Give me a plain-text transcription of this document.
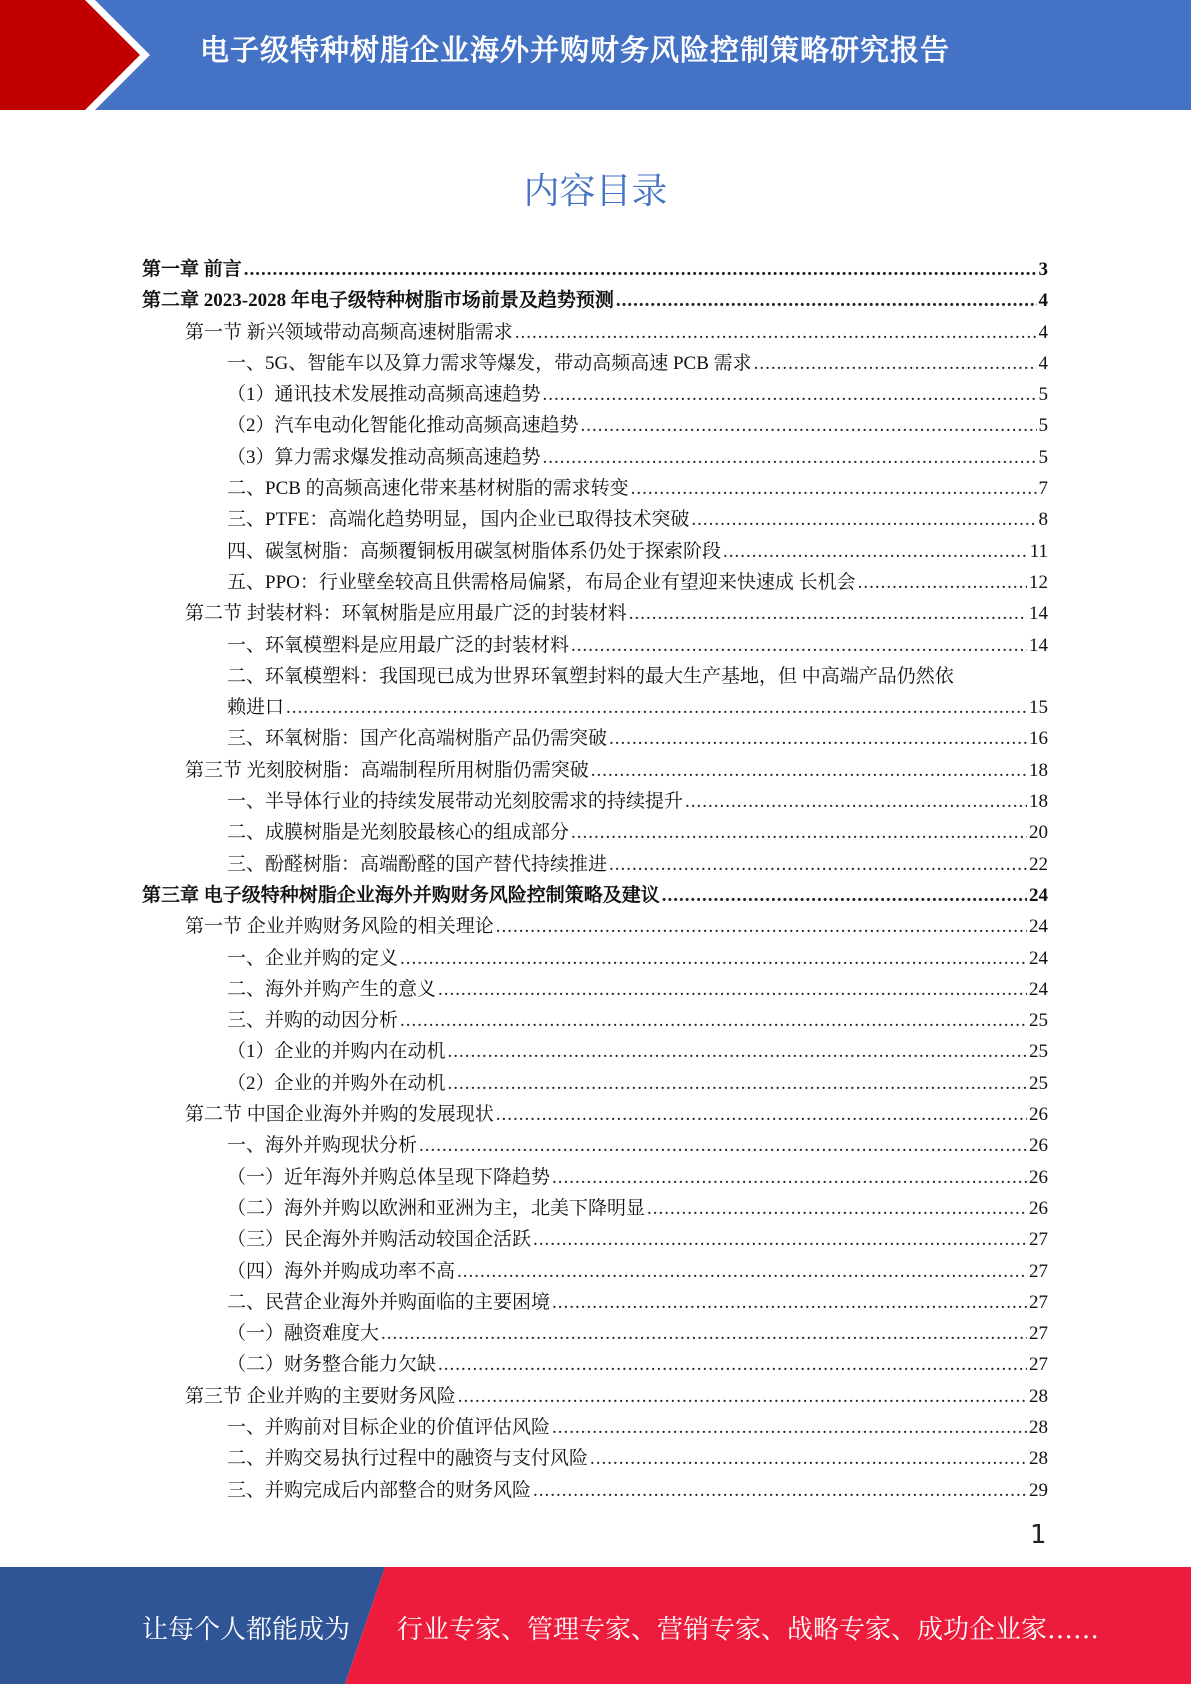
电子级特种树脂企业海外并购财务风险控制策略研究报告
内容目录
第一章 前言 .....	3
第二章 2023-2028 年电子级特种树脂市场前景及趋势预测 .....	4
第一节 新兴领域带动高频高速树脂需求 .....	4
一、5G、智能车以及算力需求等爆发，带动高频高速 PCB 需求 .....	4
（1）通讯技术发展推动高频高速趋势 .....	5
（2）汽车电动化智能化推动高频高速趋势 .....	5
（3）算力需求爆发推动高频高速趋势 .....	5
二、PCB 的高频高速化带来基材树脂的需求转变 .....	7
三、PTFE：高端化趋势明显，国内企业已取得技术突破 .....	8
四、碳氢树脂：高频覆铜板用碳氢树脂体系仍处于探索阶段 .....	11
五、PPO：行业壁垒较高且供需格局偏紧，布局企业有望迎来快速成 长机会 .....	12
第二节 封装材料：环氧树脂是应用最广泛的封装材料 .....	14
一、环氧模塑料是应用最广泛的封装材料 .....	14
二、环氧模塑料：我国现已成为世界环氧塑封料的最大生产基地，但 中高端产品仍然依
赖进口 .....	15
三、环氧树脂：国产化高端树脂产品仍需突破 .....	16
第三节 光刻胶树脂：高端制程所用树脂仍需突破 .....	18
一、半导体行业的持续发展带动光刻胶需求的持续提升 .....	18
二、成膜树脂是光刻胶最核心的组成部分 .....	20
三、酚醛树脂：高端酚醛的国产替代持续推进 .....	22
第三章 电子级特种树脂企业海外并购财务风险控制策略及建议 .....	24
第一节 企业并购财务风险的相关理论 .....	24
一、企业并购的定义 .....	24
二、海外并购产生的意义 .....	24
三、并购的动因分析 .....	25
（1）企业的并购内在动机 .....	25
（2）企业的并购外在动机 .....	25
第二节 中国企业海外并购的发展现状 .....	26
一、海外并购现状分析 .....	26
（一）近年海外并购总体呈现下降趋势 .....	26
（二）海外并购以欧洲和亚洲为主，北美下降明显 .....	26
（三）民企海外并购活动较国企活跃 .....	27
（四）海外并购成功率不高 .....	27
二、民营企业海外并购面临的主要困境 .....	27
（一）融资难度大 .....	27
（二）财务整合能力欠缺 .....	27
第三节 企业并购的主要财务风险 .....	28
一、并购前对目标企业的价值评估风险 .....	28
二、并购交易执行过程中的融资与支付风险 .....	28
三、并购完成后内部整合的财务风险 .....	29
1
让每个人都能成为 行业专家、管理专家、营销专家、战略专家、成功企业家……
